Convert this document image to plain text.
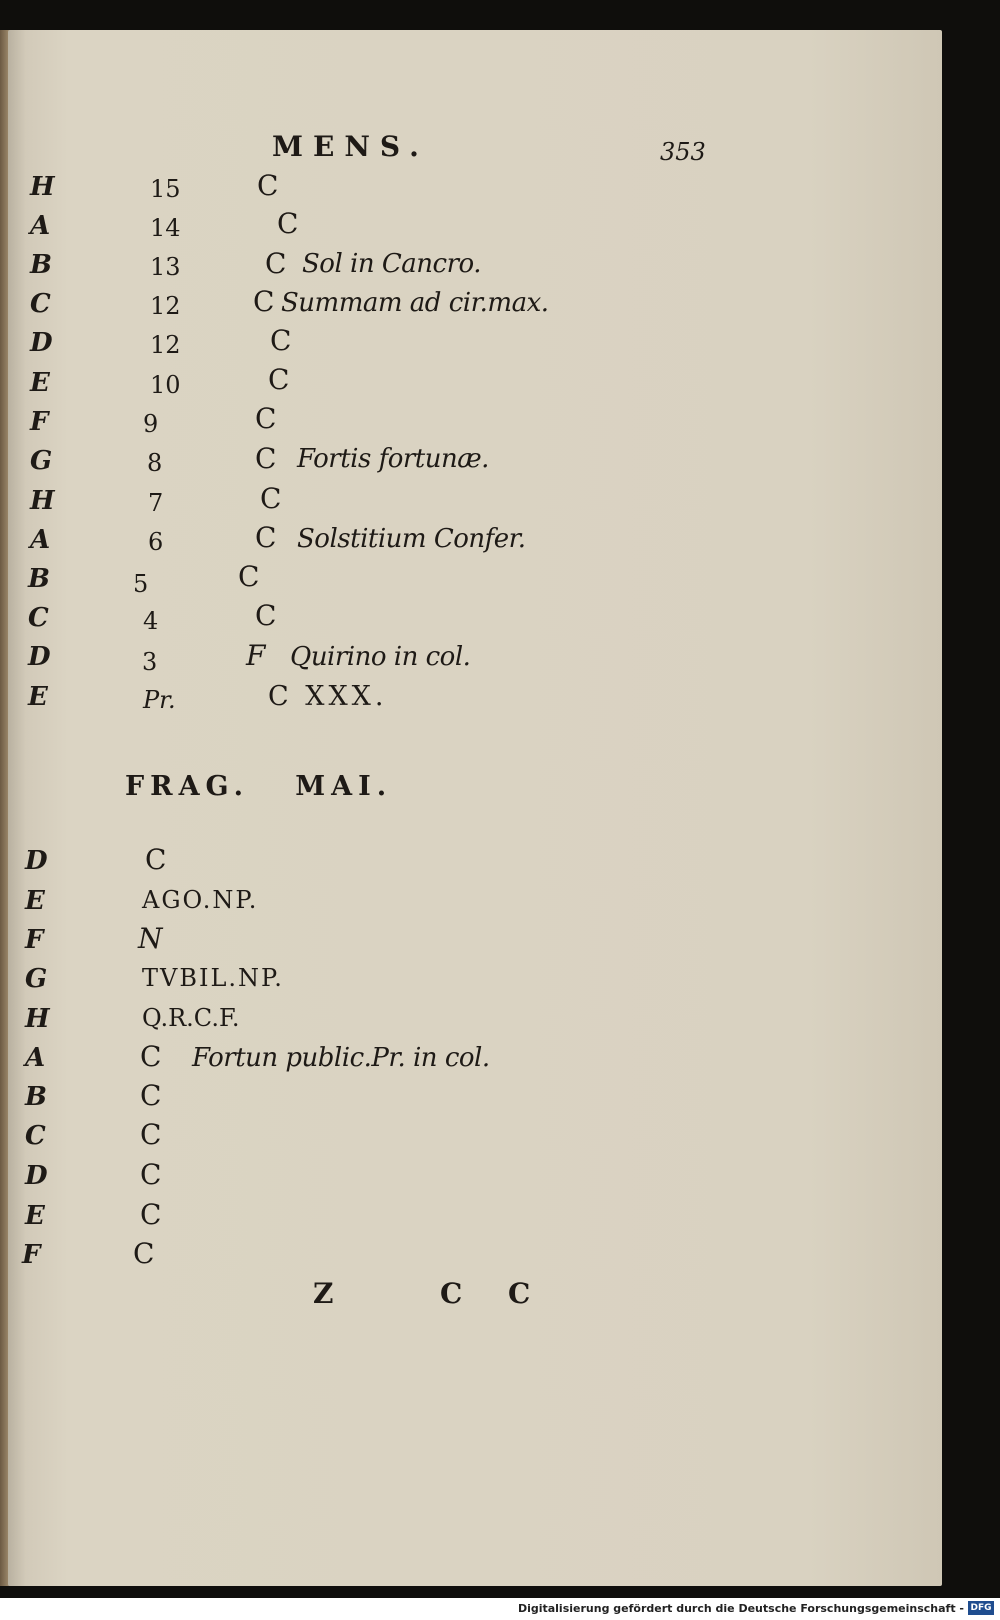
MENS.	353
H	15	C
A	14	C
B	13	C Sol in Cancro.
C	12	C Summam ad cir.max.
D	12	C
E	10	C
F	9	C
G	8	C Fortis fortunæ.
H	7	C
A	6	C Solstitium Confer.
B	5	C
C	4	C
D	3	F Quirino in col.
E	Pr.	C XXX.
FRAG.   MAI.
D	C
E	AGO.NP.
F	N
G	TVBIL.NP.
H	Q.R.C.F.
A	C Fortun public.Pr. in col.
B	C
C	C
D	C
E	C
F	C
Z	C C
Digitalisierung gefördert durch die Deutsche Forschungsgemeinschaft - DFG
